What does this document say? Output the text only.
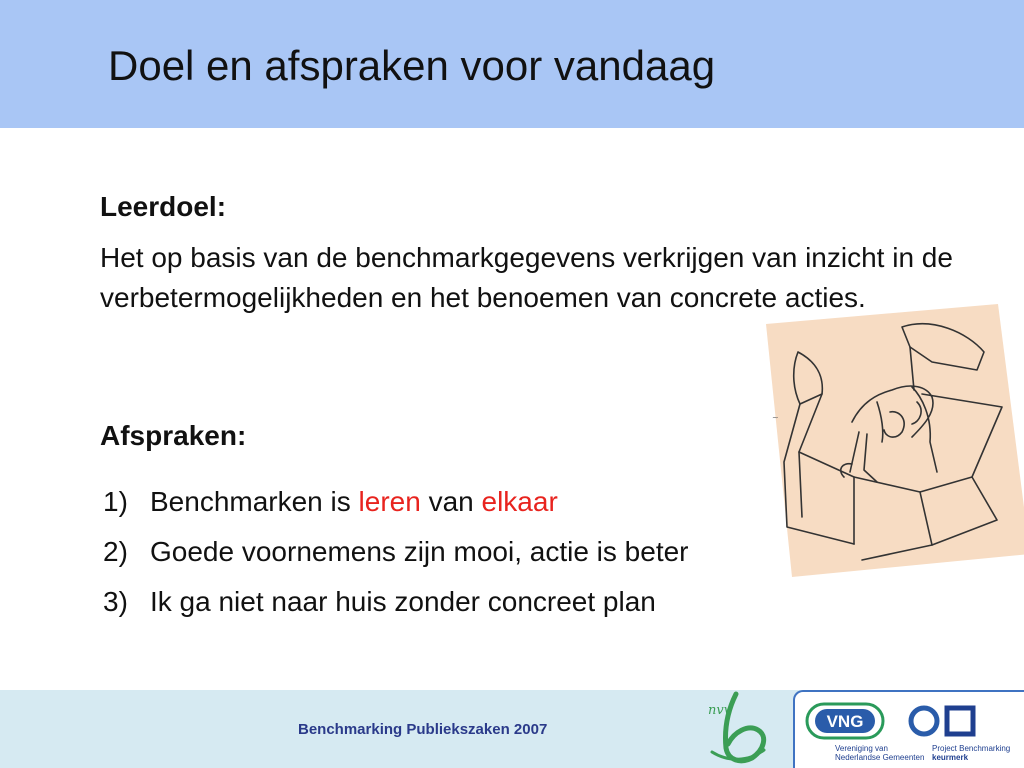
Doel en afspraken voor vandaag
Leerdoel:

Het op basis van de benchmarkgegevens verkrijgen van inzicht in de verbetermogelijkheden en het benoemen van concrete acties.

Afspraken:
1) Benchmarken is leren van elkaar
2) Goede voornemens zijn mooi, actie is beter
3) Ik ga niet naar huis zonder concreet plan
~
Benchmarking Publiekszaken 2007
nvv
VNG
Vereniging van
Nederlandse Gemeenten
Project Benchmarking
keurmerk
